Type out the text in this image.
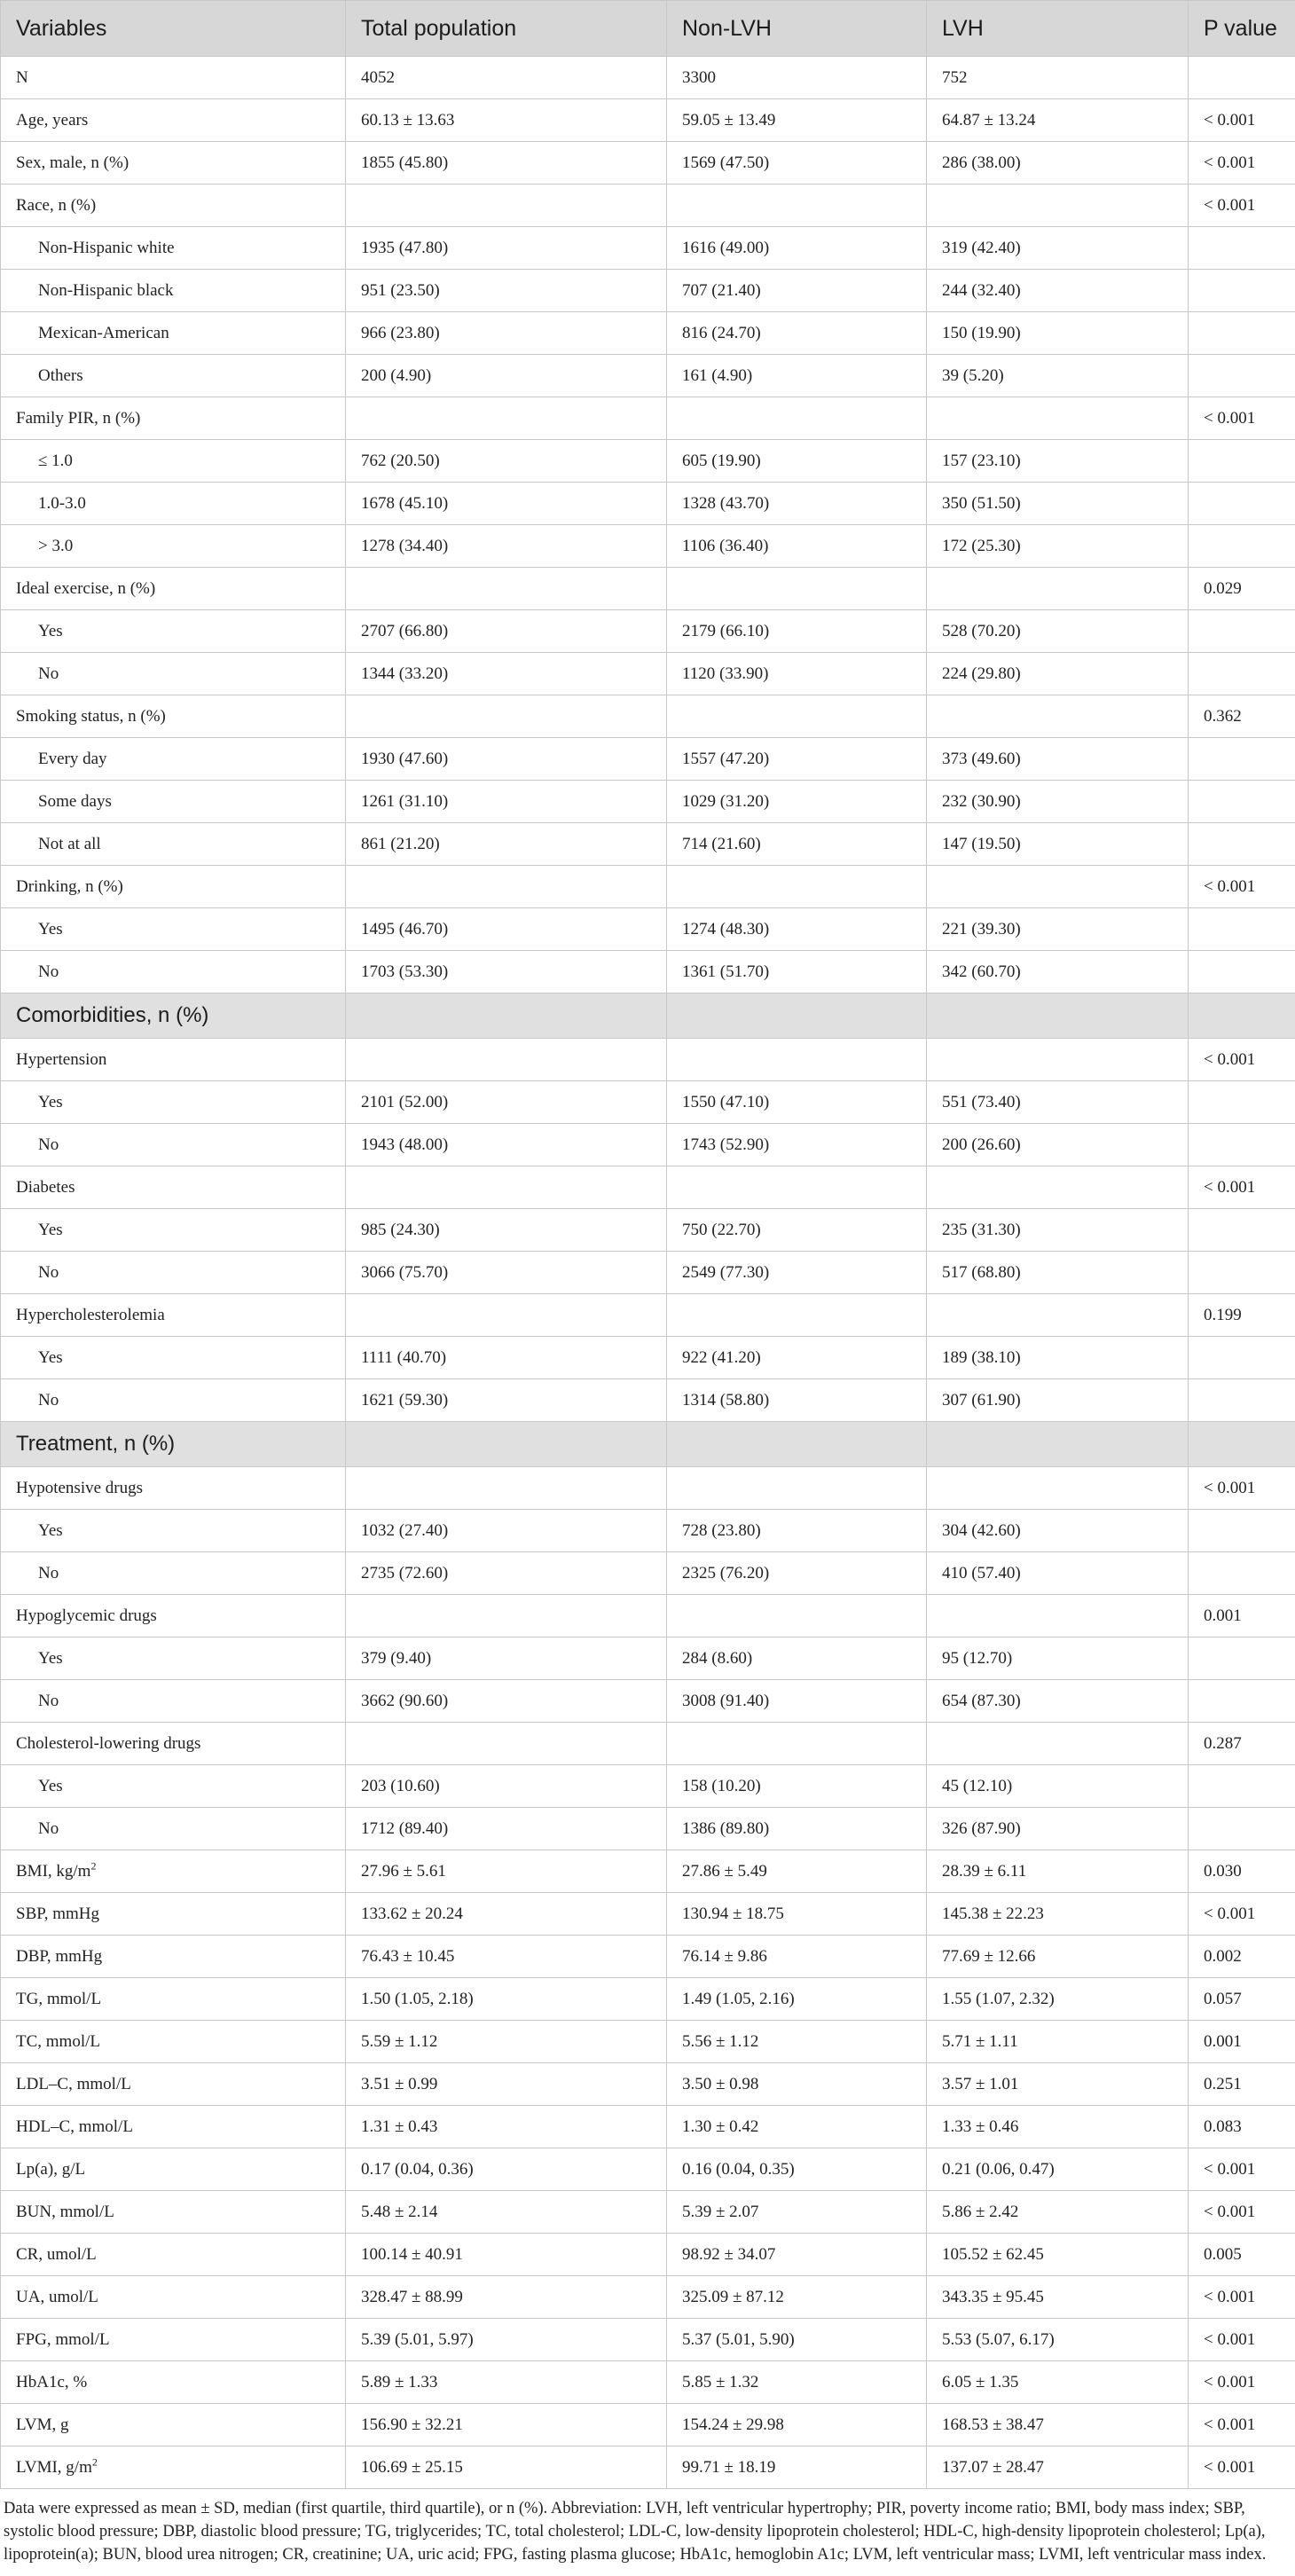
Variables	Total population	Non-LVH	LVH	P value
N	4052	3300	752	
Age, years	60.13 ± 13.63	59.05 ± 13.49	64.87 ± 13.24	< 0.001
Sex, male, n (%)	1855 (45.80)	1569 (47.50)	286 (38.00)	< 0.001
Race, n (%)				< 0.001
Non-Hispanic white	1935 (47.80)	1616 (49.00)	319 (42.40)	
Non-Hispanic black	951 (23.50)	707 (21.40)	244 (32.40)	
Mexican-American	966 (23.80)	816 (24.70)	150 (19.90)	
Others	200 (4.90)	161 (4.90)	39 (5.20)	
Family PIR, n (%)				< 0.001
≤ 1.0	762 (20.50)	605 (19.90)	157 (23.10)	
1.0-3.0	1678 (45.10)	1328 (43.70)	350 (51.50)	
> 3.0	1278 (34.40)	1106 (36.40)	172 (25.30)	
Ideal exercise, n (%)				0.029
Yes	2707 (66.80)	2179 (66.10)	528 (70.20)	
No	1344 (33.20)	1120 (33.90)	224 (29.80)	
Smoking status, n (%)				0.362
Every day	1930 (47.60)	1557 (47.20)	373 (49.60)	
Some days	1261 (31.10)	1029 (31.20)	232 (30.90)	
Not at all	861 (21.20)	714 (21.60)	147 (19.50)	
Drinking, n (%)				< 0.001
Yes	1495 (46.70)	1274 (48.30)	221 (39.30)	
No	1703 (53.30)	1361 (51.70)	342 (60.70)	
Comorbidities, n (%)				
Hypertension				< 0.001
Yes	2101 (52.00)	1550 (47.10)	551 (73.40)	
No	1943 (48.00)	1743 (52.90)	200 (26.60)	
Diabetes				< 0.001
Yes	985 (24.30)	750 (22.70)	235 (31.30)	
No	3066 (75.70)	2549 (77.30)	517 (68.80)	
Hypercholesterolemia				0.199
Yes	1111 (40.70)	922 (41.20)	189 (38.10)	
No	1621 (59.30)	1314 (58.80)	307 (61.90)	
Treatment, n (%)				
Hypotensive drugs				< 0.001
Yes	1032 (27.40)	728 (23.80)	304 (42.60)	
No	2735 (72.60)	2325 (76.20)	410 (57.40)	
Hypoglycemic drugs				0.001
Yes	379 (9.40)	284 (8.60)	95 (12.70)	
No	3662 (90.60)	3008 (91.40)	654 (87.30)	
Cholesterol-lowering drugs				0.287
Yes	203 (10.60)	158 (10.20)	45 (12.10)	
No	1712 (89.40)	1386 (89.80)	326 (87.90)	
BMI, $kg/m^2$	27.96 ± 5.61	27.86 ± 5.49	28.39 ± 6.11	0.030
SBP, mmHg	133.62 ± 20.24	130.94 ± 18.75	145.38 ± 22.23	< 0.001
DBP, mmHg	76.43 ± 10.45	76.14 ± 9.86	77.69 ± 12.66	0.002
TG, mmol/L	1.50 (1.05, 2.18)	1.49 (1.05, 2.16)	1.55 (1.07, 2.32)	0.057
TC, mmol/L	5.59 ± 1.12	5.56 ± 1.12	5.71 ± 1.11	0.001
LDL–C, mmol/L	3.51 ± 0.99	3.50 ± 0.98	3.57 ± 1.01	0.251
HDL–C, mmol/L	1.31 ± 0.43	1.30 ± 0.42	1.33 ± 0.46	0.083
Lp(a), g/L	0.17 (0.04, 0.36)	0.16 (0.04, 0.35)	0.21 (0.06, 0.47)	< 0.001
BUN, mmol/L	5.48 ± 2.14	5.39 ± 2.07	5.86 ± 2.42	< 0.001
CR, umol/L	100.14 ± 40.91	98.92 ± 34.07	105.52 ± 62.45	0.005
UA, umol/L	328.47 ± 88.99	325.09 ± 87.12	343.35 ± 95.45	< 0.001
FPG, mmol/L	5.39 (5.01, 5.97)	5.37 (5.01, 5.90)	5.53 (5.07, 6.17)	< 0.001
HbA1c, %	5.89 ± 1.33	5.85 ± 1.32	6.05 ± 1.35	< 0.001
LVM, g	156.90 ± 32.21	154.24 ± 29.98	168.53 ± 38.47	< 0.001
LVMI, $g/m^2$	106.69 ± 25.15	99.71 ± 18.19	137.07 ± 28.47	< 0.001
Data were expressed as mean ± SD, median (first quartile, third quartile), or n (%). Abbreviation: LVH, left ventricular hypertrophy; PIR, poverty income ratio; BMI, body mass index; SBP, systolic blood pressure; DBP, diastolic blood pressure; TG, triglycerides; TC, total cholesterol; LDL-C, low-density lipoprotein cholesterol; HDL-C, high-density lipoprotein cholesterol; Lp(a), lipoprotein(a); BUN, blood urea nitrogen; CR, creatinine; UA, uric acid; FPG, fasting plasma glucose; HbA1c, hemoglobin A1c; LVM, left ventricular mass; LVMI, left ventricular mass index.
